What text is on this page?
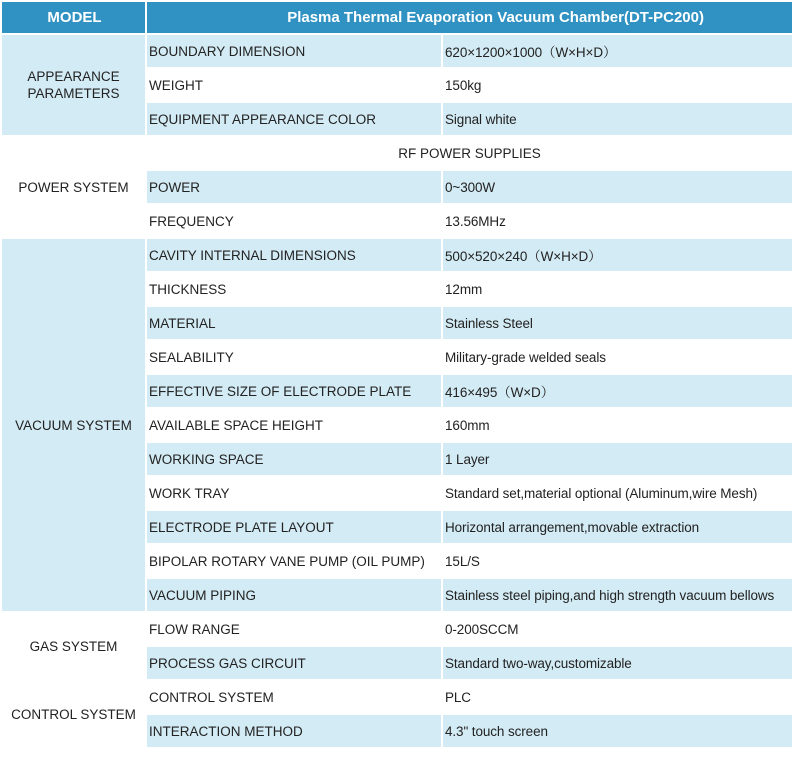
MODEL	Plasma Thermal Evaporation Vacuum Chamber(DT-PC200)	
APPEARANCE PARAMETERS	BOUNDARY DIMENSION	620×1200×1000（W×H×D）
	WEIGHT	150kg
	EQUIPMENT APPEARANCE COLOR	Signal white
POWER SYSTEM	RF POWER SUPPLIES	
	POWER	0~300W
	FREQUENCY	13.56MHz
VACUUM SYSTEM	CAVITY INTERNAL DIMENSIONS	500×520×240（W×H×D）
	THICKNESS	12mm
	MATERIAL	Stainless Steel
	SEALABILITY	Military-grade welded seals
	EFFECTIVE SIZE OF ELECTRODE PLATE	416×495（W×D）
	AVAILABLE SPACE HEIGHT	160mm
	WORKING SPACE	1 Layer
	WORK TRAY	Standard set,material optional (Aluminum,wire Mesh)
	ELECTRODE PLATE LAYOUT	Horizontal arrangement,movable extraction
	BIPOLAR ROTARY VANE PUMP (OIL PUMP)	15L/S
	VACUUM PIPING	Stainless steel piping,and high strength vacuum bellows
GAS SYSTEM	FLOW RANGE	0-200SCCM
	PROCESS GAS CIRCUIT	Standard two-way,customizable
CONTROL SYSTEM	CONTROL SYSTEM	PLC
	INTERACTION METHOD	4.3" touch screen
